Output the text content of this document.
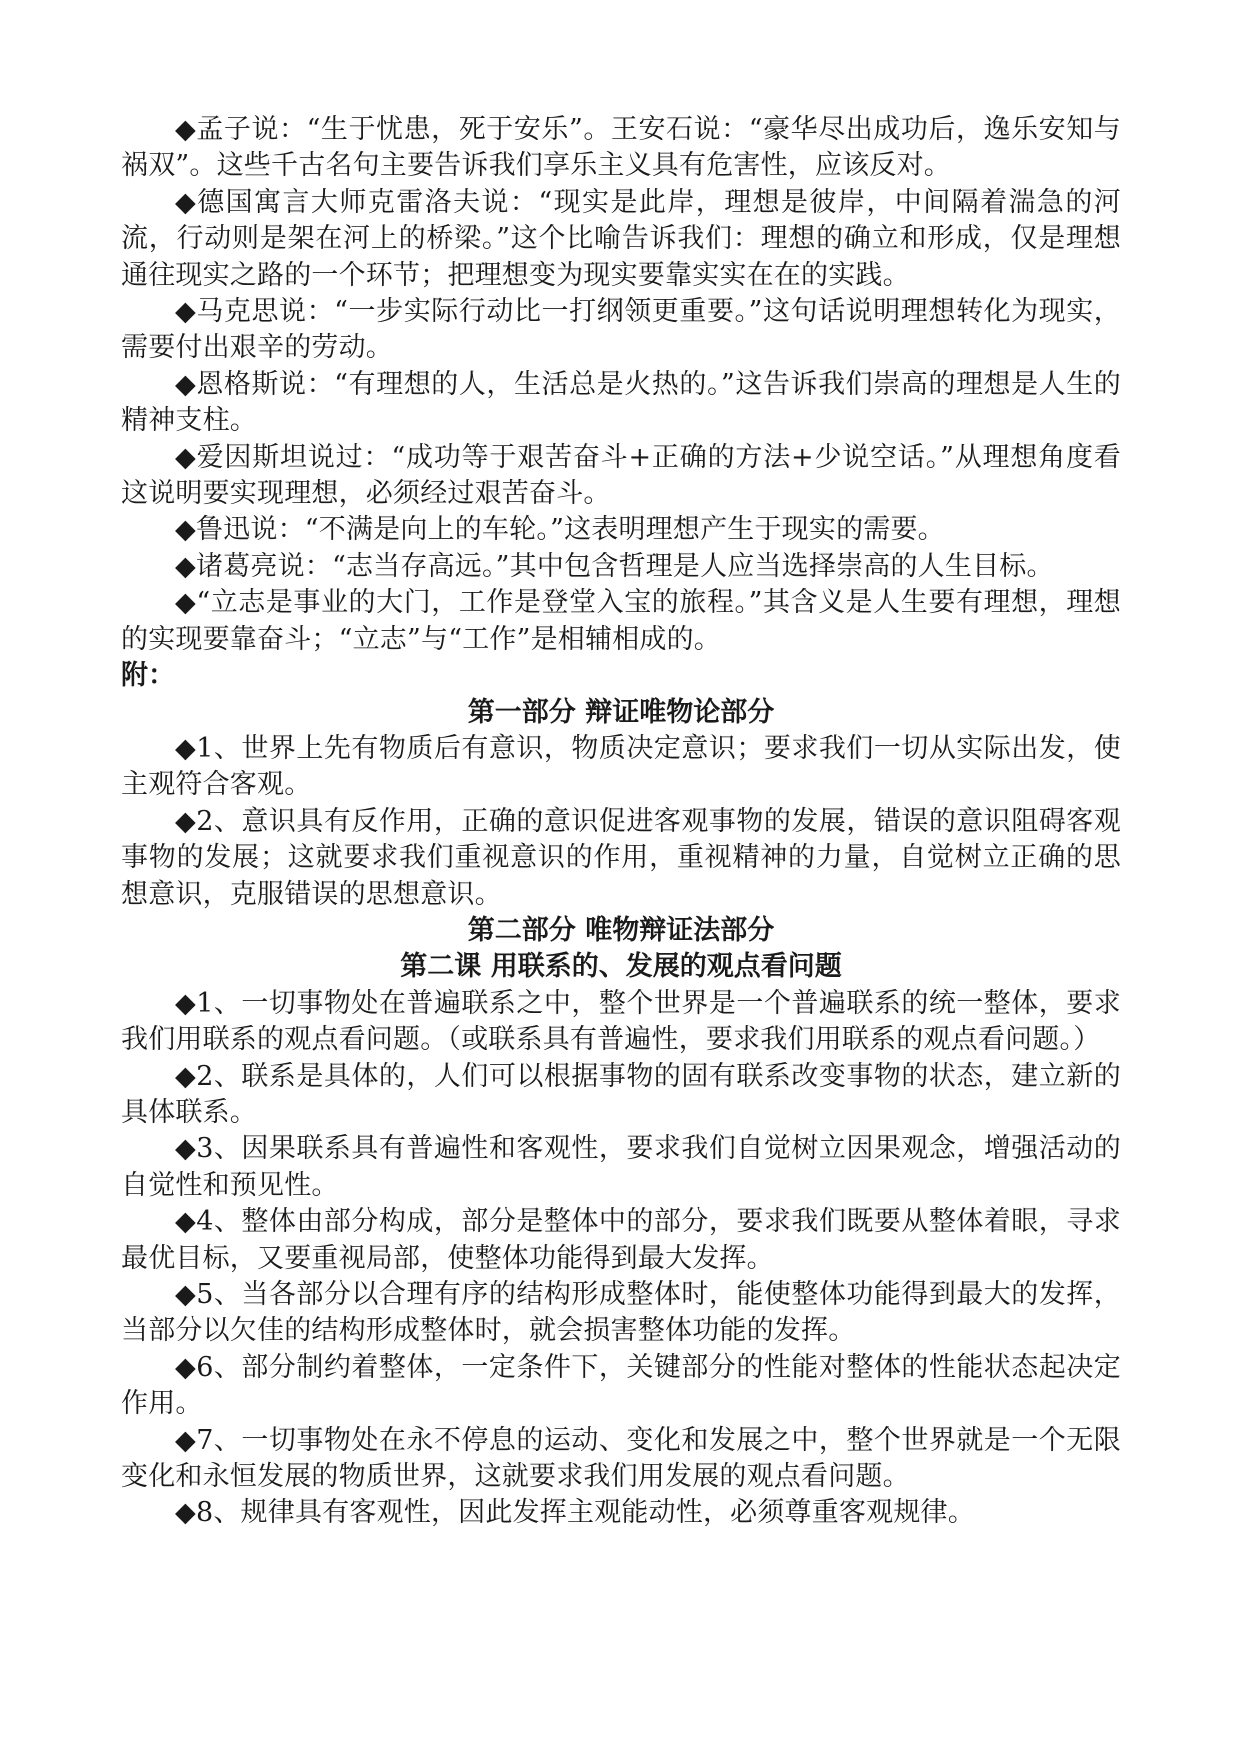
◆孟子说：“生于忧患，死于安乐”。王安石说：“豪华尽出成功后，逸乐安知与祸双”。这些千古名句主要告诉我们享乐主义具有危害性，应该反对。

◆德国寓言大师克雷洛夫说：“现实是此岸，理想是彼岸，中间隔着湍急的河流，行动则是架在河上的桥梁。”这个比喻告诉我们：理想的确立和形成，仅是理想通往现实之路的一个环节；把理想变为现实要靠实实在在的实践。

◆马克思说：“一步实际行动比一打纲领更重要。”这句话说明理想转化为现实，需要付出艰辛的劳动。

◆恩格斯说：“有理想的人，生活总是火热的。”这告诉我们崇高的理想是人生的精神支柱。

◆爱因斯坦说过：“成功等于艰苦奋斗+正确的方法+少说空话。”从理想角度看这说明要实现理想，必须经过艰苦奋斗。

◆鲁迅说：“不满是向上的车轮。”这表明理想产生于现实的需要。

◆诸葛亮说：“志当存高远。”其中包含哲理是人应当选择崇高的人生目标。

◆“立志是事业的大门，工作是登堂入宝的旅程。”其含义是人生要有理想，理想的实现要靠奋斗；“立志”与“工作”是相辅相成的。

附：

第一部分 辩证唯物论部分

◆1、世界上先有物质后有意识，物质决定意识；要求我们一切从实际出发，使主观符合客观。

◆2、意识具有反作用，正确的意识促进客观事物的发展，错误的意识阻碍客观事物的发展；这就要求我们重视意识的作用，重视精神的力量，自觉树立正确的思想意识，克服错误的思想意识。

第二部分 唯物辩证法部分

第二课 用联系的、发展的观点看问题

◆1、一切事物处在普遍联系之中，整个世界是一个普遍联系的统一整体，要求我们用联系的观点看问题。（或联系具有普遍性，要求我们用联系的观点看问题。）

◆2、联系是具体的，人们可以根据事物的固有联系改变事物的状态，建立新的具体联系。

◆3、因果联系具有普遍性和客观性，要求我们自觉树立因果观念，增强活动的自觉性和预见性。

◆4、整体由部分构成，部分是整体中的部分，要求我们既要从整体着眼，寻求最优目标，又要重视局部，使整体功能得到最大发挥。

◆5、当各部分以合理有序的结构形成整体时，能使整体功能得到最大的发挥，当部分以欠佳的结构形成整体时，就会损害整体功能的发挥。

◆6、部分制约着整体，一定条件下，关键部分的性能对整体的性能状态起决定作用。

◆7、一切事物处在永不停息的运动、变化和发展之中，整个世界就是一个无限变化和永恒发展的物质世界，这就要求我们用发展的观点看问题。

◆8、规律具有客观性，因此发挥主观能动性，必须尊重客观规律。
